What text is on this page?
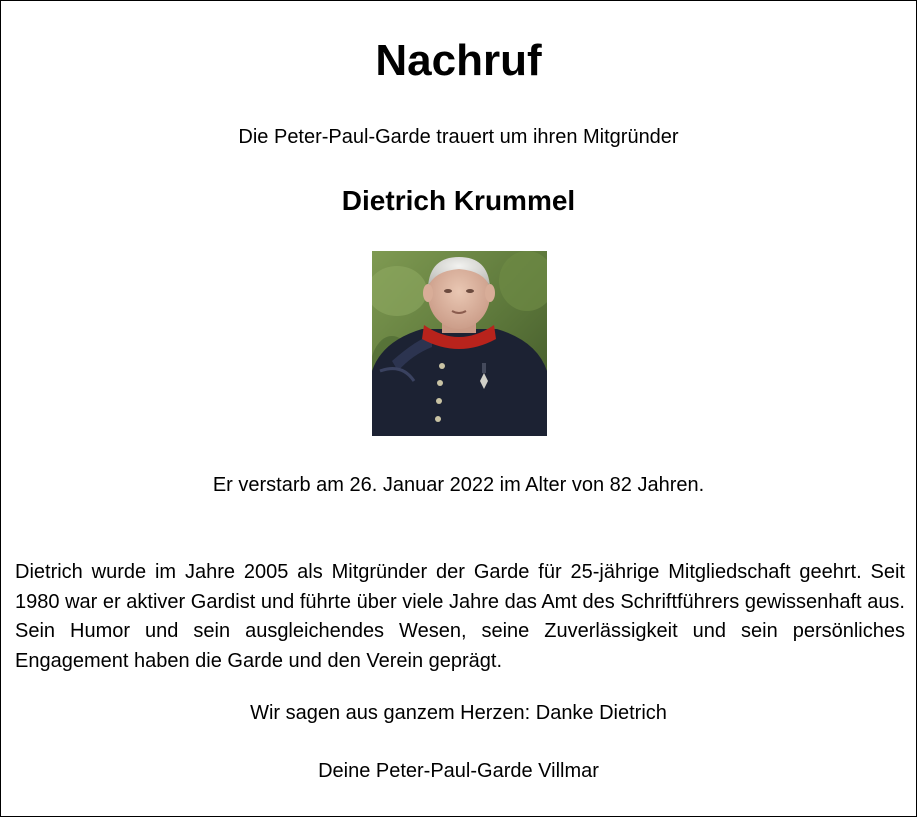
Nachruf
Die Peter-Paul-Garde trauert um ihren Mitgründer
Dietrich Krummel
Er verstarb am 26. Januar 2022 im Alter von 82 Jahren.
Dietrich wurde im Jahre 2005 als Mitgründer der Garde für 25-jährige Mitgliedschaft geehrt. Seit 1980 war er aktiver Gardist und führte über viele Jahre das Amt des Schriftführers gewissenhaft aus. Sein Humor und sein ausgleichendes Wesen, seine Zuverlässigkeit und sein persönliches Engagement haben die Garde und den Verein geprägt.
Wir sagen aus ganzem Herzen: Danke Dietrich
Deine Peter-Paul-Garde Villmar
